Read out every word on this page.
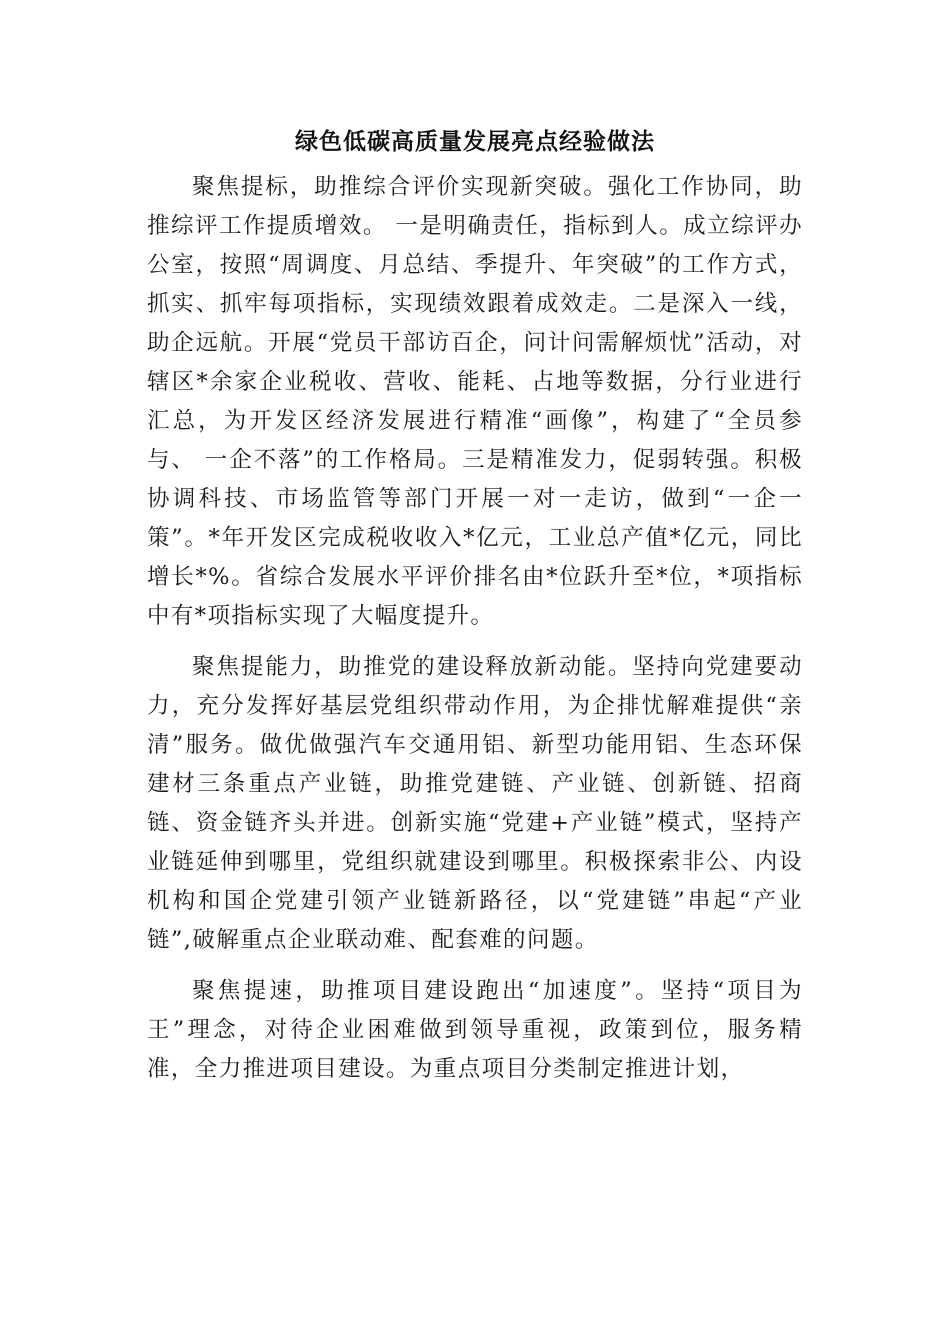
绿色低碳高质量发展亮点经验做法

聚焦提标，助推综合评价实现新突破。强化工作协同，助推综评工作提质增效。 一是明确责任，指标到人。成立综评办公室，按照“周调度、月总结、季提升、年突破”的工作方式，抓实、抓牢每项指标，实现绩效跟着成效走。二是深入一线，助企远航。开展“党员干部访百企，问计问需解烦忧”活动，对辖区*余家企业税收、营收、能耗、占地等数据，分行业进行汇总，为开发区经济发展进行精准“画像”，构建了“全员参与、 一企不落”的工作格局。三是精准发力，促弱转强。积极协调科技、市场监管等部门开展一对一走访，做到“一企一策”。*年开发区完成税收收入*亿元，工业总产值*亿元，同比增长*%。省综合发展水平评价排名由*位跃升至*位，*项指标中有*项指标实现了大幅度提升。

聚焦提能力，助推党的建设释放新动能。坚持向党建要动力，充分发挥好基层党组织带动作用，为企排忧解难提供“亲清”服务。做优做强汽车交通用铝、新型功能用铝、生态环保建材三条重点产业链，助推党建链、产业链、创新链、招商链、资金链齐头并进。创新实施“党建+产业链”模式，坚持产业链延伸到哪里，党组织就建设到哪里。积极探索非公、内设机构和国企党建引领产业链新路径，以“党建链”串起“产业链”,破解重点企业联动难、配套难的问题。

聚焦提速，助推项目建设跑出“加速度”。坚持“项目为王”理念，对待企业困难做到领导重视，政策到位，服务精准，全力推进项目建设。为重点项目分类制定推进计划，
